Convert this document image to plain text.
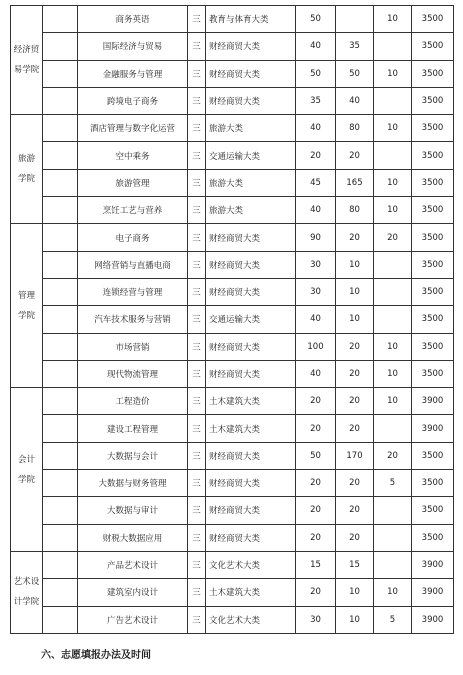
经济贸
易学院		商务英语	三	教育与体育大类	50		10	3500
		国际经济与贸易	三	财经商贸大类	40	35		3500
		金融服务与管理	三	财经商贸大类	50	50	10	3500
		跨境电子商务	三	财经商贸大类	35	40		3500

旅游
学院		酒店管理与数字化运营	三	旅游大类	40	80	10	3500
		空中乘务	三	交通运输大类	20	20		3500
		旅游管理	三	旅游大类	45	165	10	3500
		烹饪工艺与营养	三	旅游大类	40	80	10	3500

管理
学院		电子商务	三	财经商贸大类	90	20	20	3500
		网络营销与直播电商	三	财经商贸大类	30	10		3500
		连锁经营与管理	三	财经商贸大类	30	10		3500
		汽车技术服务与营销	三	交通运输大类	40	10		3500
		市场营销	三	财经商贸大类	100	20	10	3500
		现代物流管理	三	财经商贸大类	40	20	10	3500

会计
学院		工程造价	三	土木建筑大类	20	20	10	3900
		建设工程管理	三	土木建筑大类	20	20		3900
		大数据与会计	三	财经商贸大类	50	170	20	3500
		大数据与财务管理	三	财经商贸大类	20	20	5	3500
		大数据与审计	三	财经商贸大类	20	20		3500
		财税大数据应用	三	财经商贸大类	20	20		3500

艺术设
计学院		产品艺术设计	三	文化艺术大类	15	15		3900
		建筑室内设计	三	土木建筑大类	20	10	10	3900
		广告艺术设计	三	文化艺术大类	30	10	5	3900
六、志愿填报办法及时间
